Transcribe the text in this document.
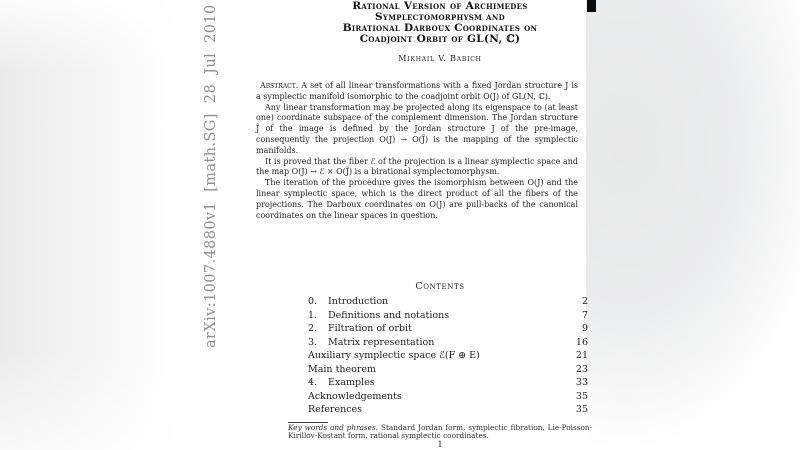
arXiv:1007.4880v1 [math.SG] 28 Jul 2010	Rational Version of Archimedes
Symplectomorphysm and
Birational Darboux Coordinates on
Coadjoint Orbit of GL(N, ℂ)
Mikhail V. Babich

Abstract. A set of all linear transformations with a fixed Jordan structure J is a symplectic manifold isomorphic to the coadjoint orbit O(J) of GL(N, ℂ).

Any linear transformation may be projected along its eigenspace to (at least one) coordinate subspace of the complement dimension. The Jordan structure J̃ of the image is defined by the Jordan structure J of the pre-image, consequently the projection O(J) → O(J̃) is the mapping of the symplectic manifolds.

It is proved that the fiber ℰ of the projection is a linear symplectic space and the map O(J) → ℰ × O(J̃) is a birational symplectomorphysm.

The iteration of the procedure gives the isomorphism between O(J) and the linear symplectic space, which is the direct product of all the fibers of the projections. The Darboux coordinates on O(J) are pull-backs of the canonical coordinates on the linear spaces in question.

Contents
0.	Introduction	2
1.	Definitions and notations	7
2.	Filtration of orbit	9
3.	Matrix representation	16
Auxiliary symplectic space ℰ(F ⊕ E)	21
Main theorem	23
4.	Examples	33
Acknowledgements	35
References	35
Key words and phrases. Standard Jordan form, symplectic fibration, Lie-Poisson-Kirillov-Kostant form, rational symplectic coordinates.
1
